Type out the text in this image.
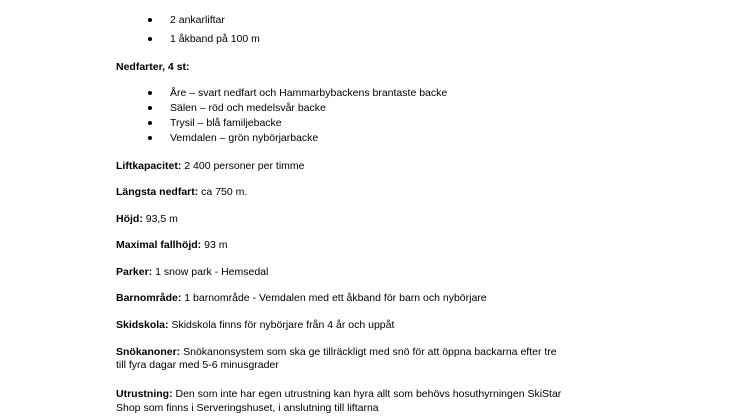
2 ankarliftar
1 åkband på 100 m
Nedfarter, 4 st:
Åre – svart nedfart och Hammarbybackens brantaste backe
Sälen – röd och medelsvår backe
Trysil – blå familjebacke
Vemdalen – grön nybörjarbacke
Liftkapacitet: 2 400 personer per timme
Längsta nedfart: ca 750 m.
Höjd: 93,5 m
Maximal fallhöjd: 93 m
Parker: 1 snow park - Hemsedal
Barnområde: 1 barnområde - Vemdalen med ett åkband för barn och nybörjare
Skidskola: Skidskola finns för nybörjare från 4 år och uppåt
Snökanoner: Snökanonsystem som ska ge tillräckligt med snö för att öppna backarna efter tre
till fyra dagar med 5-6 minusgrader
Utrustning: Den som inte har egen utrustning kan hyra allt som behövs hosuthyrningen SkiStar
Shop som finns i Serveringshuset, i anslutning till liftarna
